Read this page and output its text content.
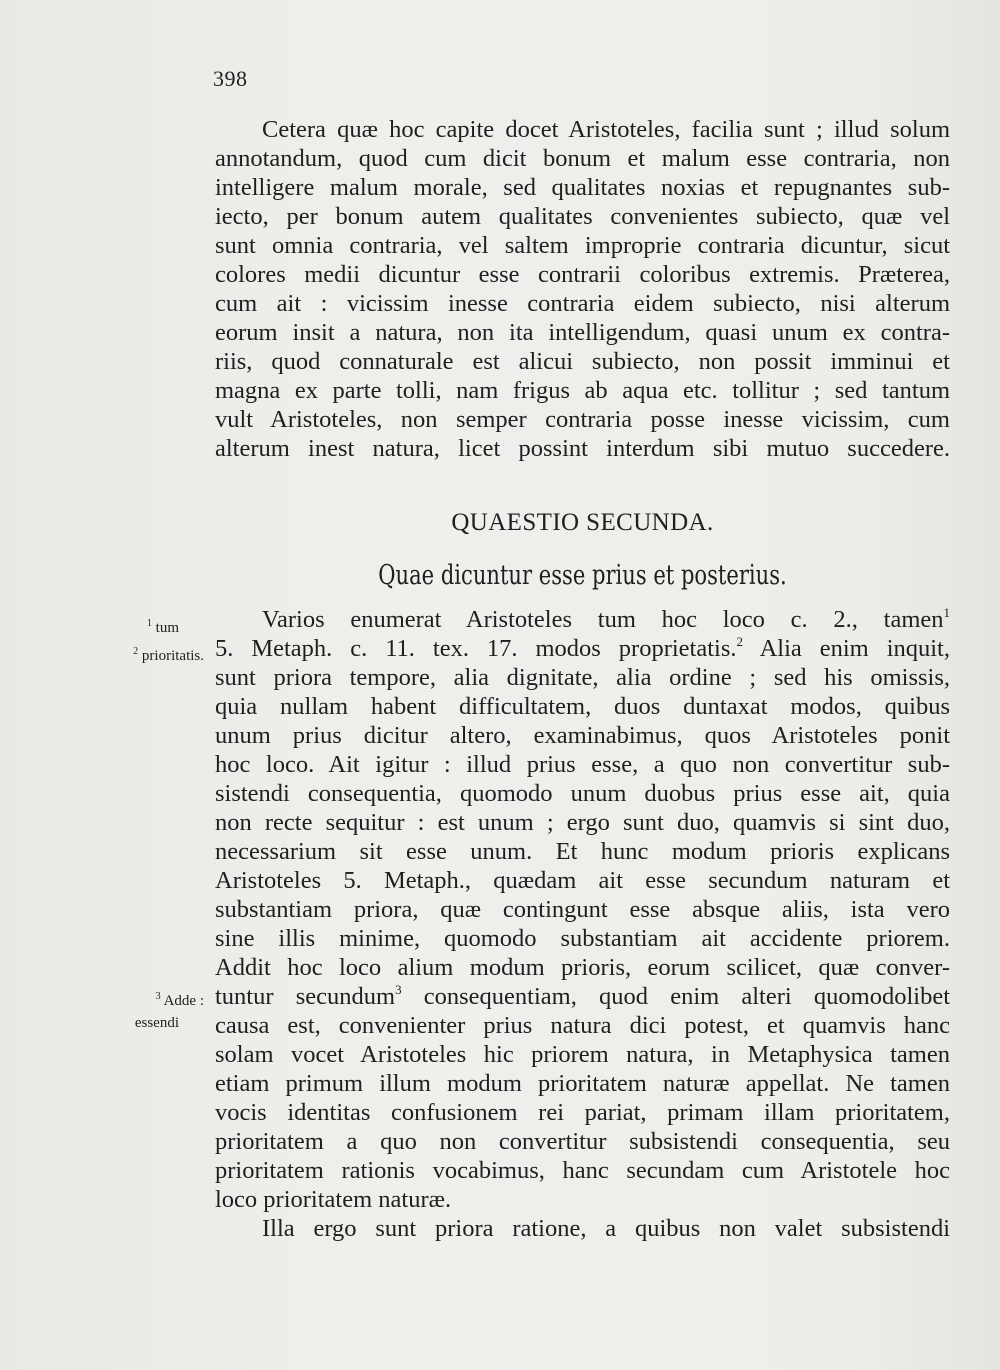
398
Cetera quæ hoc capite docet Aristoteles, facilia sunt ; illud solum
annotandum, quod cum dicit bonum et malum esse contraria, non
intelligere malum morale, sed qualitates noxias et repugnantes sub-
iecto, per bonum autem qualitates convenientes subiecto, quæ vel
sunt omnia contraria, vel saltem improprie contraria dicuntur, sicut
colores medii dicuntur esse contrarii coloribus extremis. Præterea,
cum ait : vicissim inesse contraria eidem subiecto, nisi alterum
eorum insit a natura, non ita intelligendum, quasi unum ex contra-
riis, quod connaturale est alicui subiecto, non possit imminui et
magna ex parte tolli, nam frigus ab aqua etc. tollitur ; sed tantum
vult Aristoteles, non semper contraria posse inesse vicissim, cum
alterum inest natura, licet possint interdum sibi mutuo succedere.
QUAESTIO SECUNDA.
Quae dicuntur esse prius et posterius.
Varios enumerat Aristoteles tum hoc loco c. 2., tamen$^1$
5. Metaph. c. 11. tex. 17. modos proprietatis.$^2$ Alia enim inquit,
sunt priora tempore, alia dignitate, alia ordine ; sed his omissis,
quia nullam habent difficultatem, duos duntaxat modos, quibus
unum prius dicitur altero, examinabimus, quos Aristoteles ponit
hoc loco. Ait igitur : illud prius esse, a quo non convertitur sub-
sistendi consequentia, quomodo unum duobus prius esse ait, quia
non recte sequitur : est unum ; ergo sunt duo, quamvis si sint duo,
necessarium sit esse unum. Et hunc modum prioris explicans
Aristoteles 5. Metaph., quædam ait esse secundum naturam et
substantiam priora, quæ contingunt esse absque aliis, ista vero
sine illis minime, quomodo substantiam ait accidente priorem.
Addit hoc loco alium modum prioris, eorum scilicet, quæ conver-
tuntur secundum$^3$ consequentiam, quod enim alteri quomodolibet
causa est, convenienter prius natura dici potest, et quamvis hanc
solam vocet Aristoteles hic priorem natura, in Metaphysica tamen
etiam primum illum modum prioritatem naturæ appellat. Ne tamen
vocis identitas confusionem rei pariat, primam illam prioritatem,
prioritatem a quo non convertitur subsistendi consequentia, seu
prioritatem rationis vocabimus, hanc secundam cum Aristotele hoc
loco prioritatem naturæ.
Illa ergo sunt priora ratione, a quibus non valet subsistendi
$^1$ tum
$^2$ prioritatis.
$^3$ Adde :
essendi
